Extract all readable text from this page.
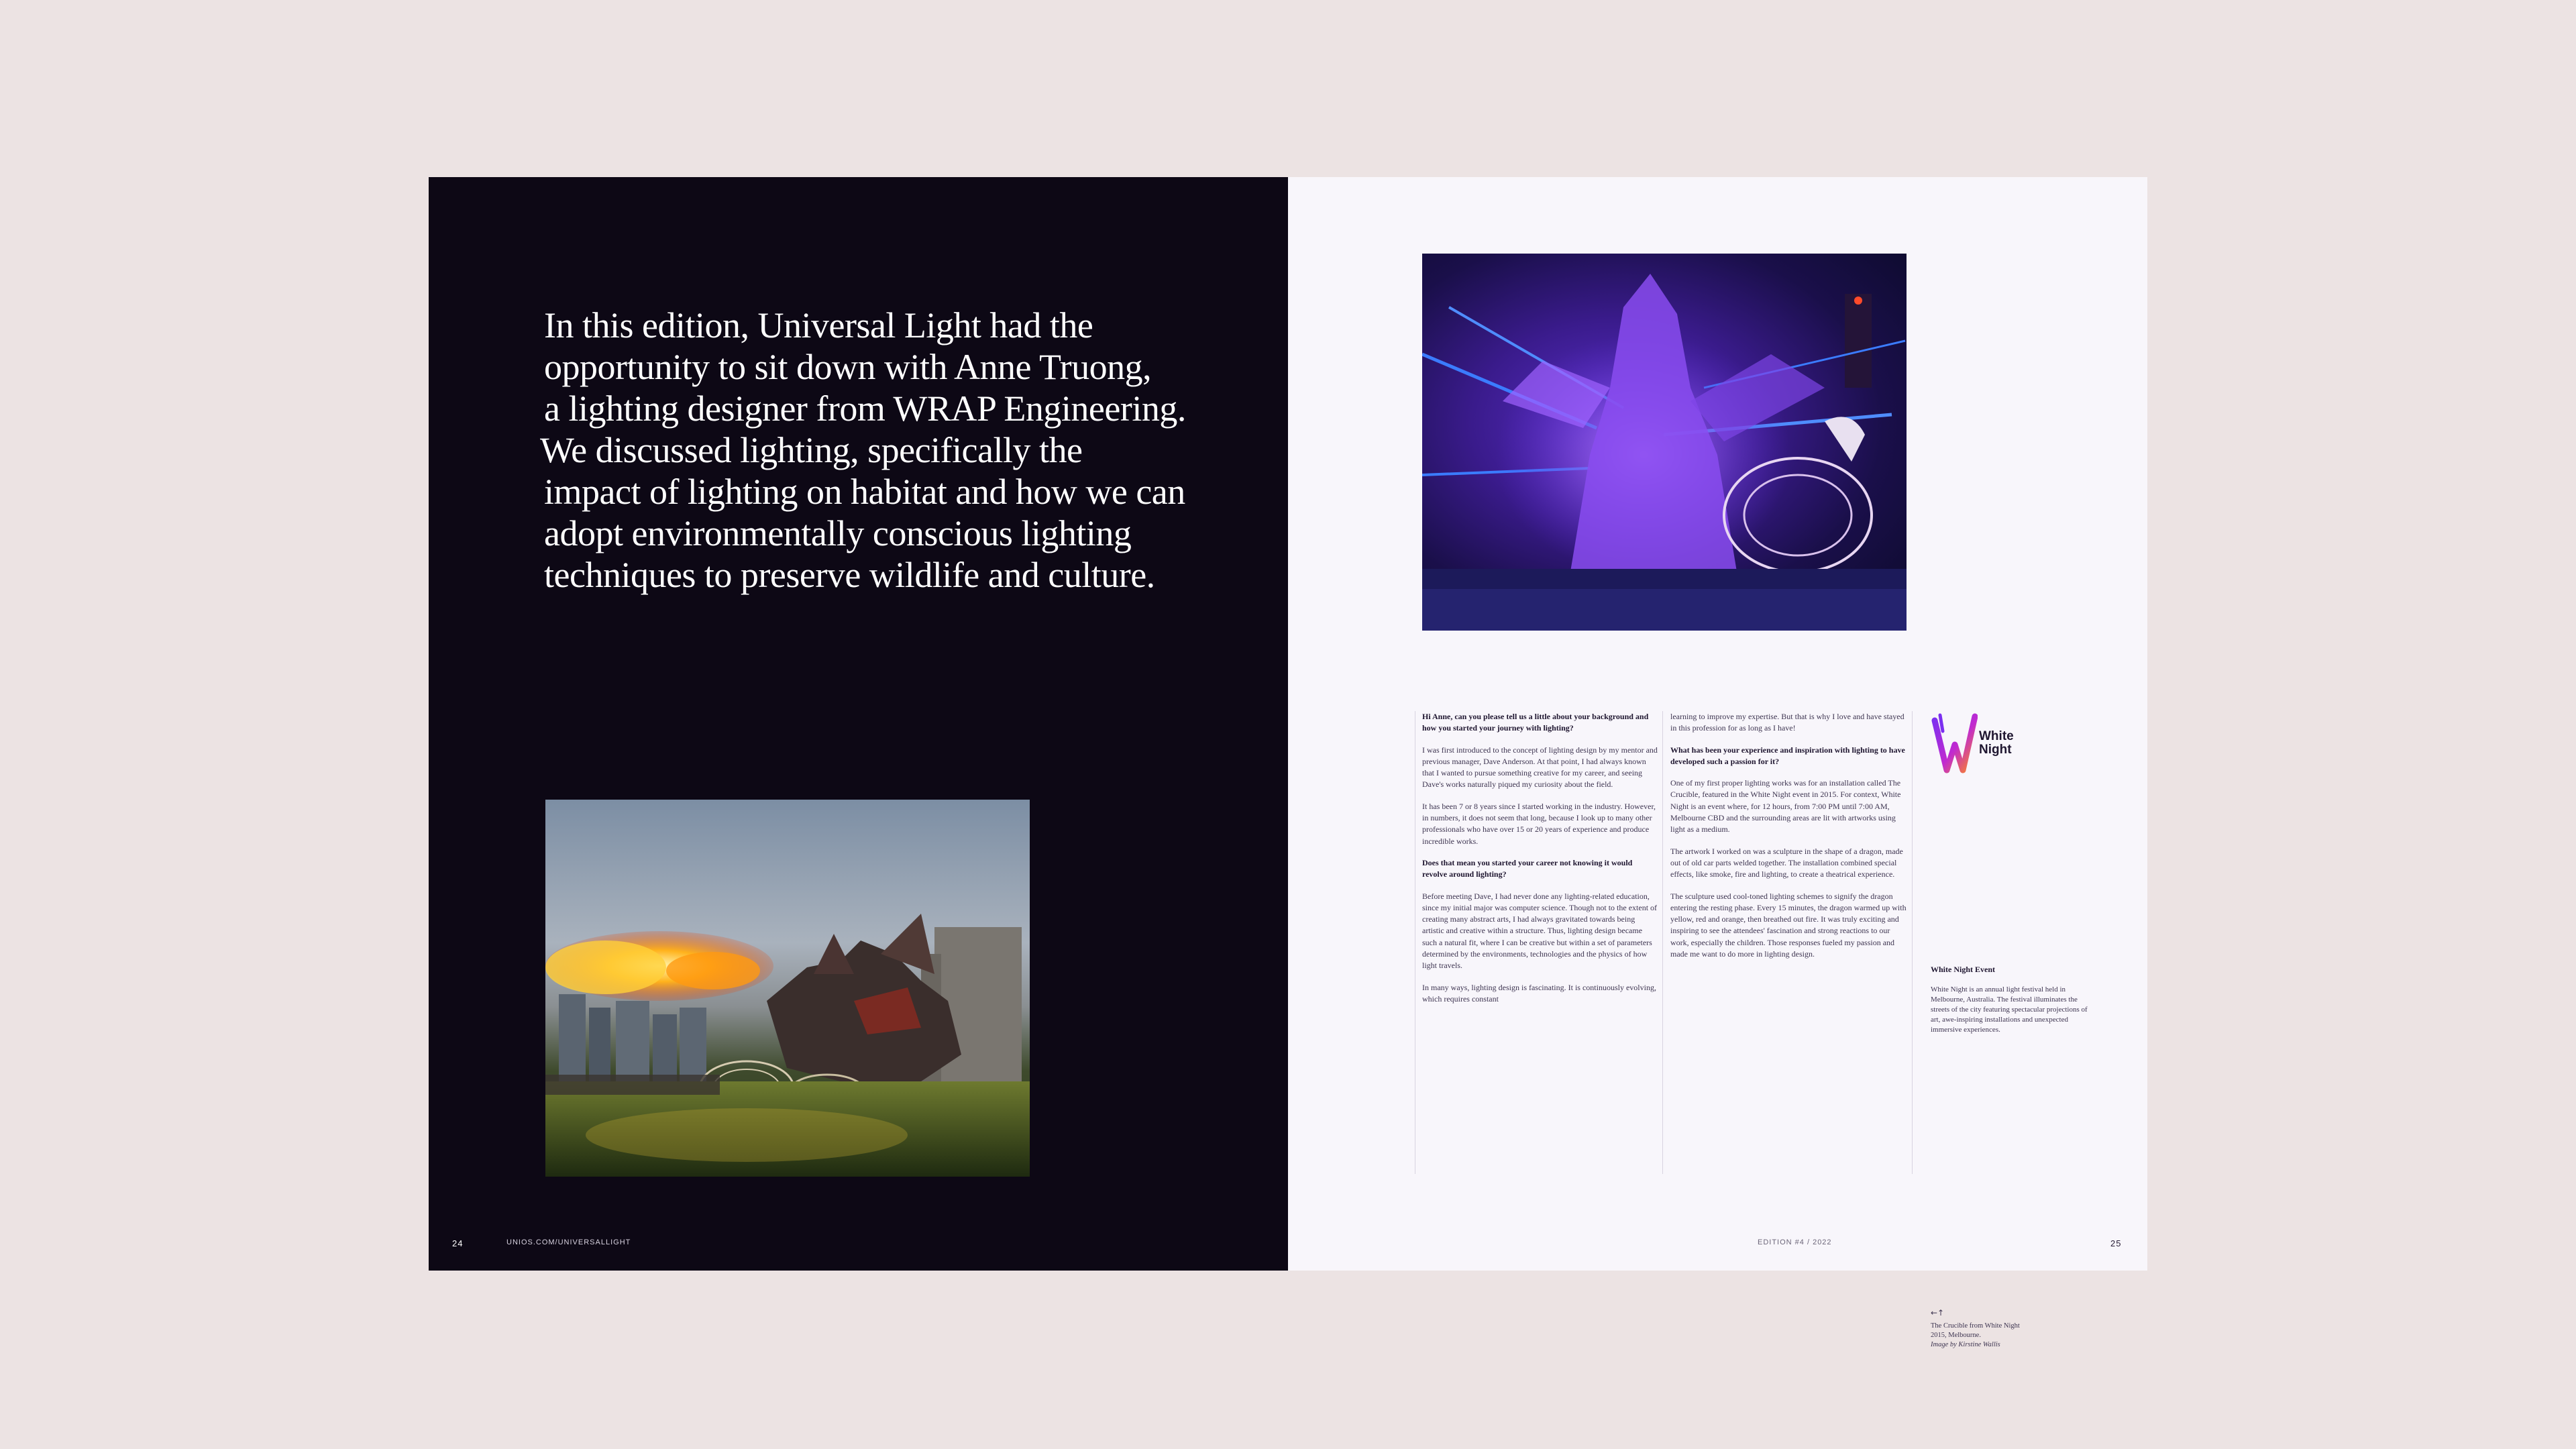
In this edition, Universal Light had the

opportunity to sit down with Anne Truong,

a lighting designer from WRAP Engineering.

We discussed lighting, specifically the

impact of lighting on habitat and how we can

adopt environmentally conscious lighting

techniques to preserve wildlife and culture.

24	UNIOS.COM/UNIVERSALLIGHT

Hi Anne, can you please tell us a little about your background and how you started your journey with lighting?

I was first introduced to the concept of lighting design by my mentor and previous manager, Dave Anderson. At that point, I had always known that I wanted to pursue something creative for my career, and seeing Dave's works naturally piqued my curiosity about the field.

It has been 7 or 8 years since I started working in the industry. However, in numbers, it does not seem that long, because I look up to many other professionals who have over 15 or 20 years of experience and produce incredible works.

Does that mean you started your career not knowing it would revolve around lighting?

Before meeting Dave, I had never done any lighting-related education, since my initial major was computer science. Though not to the extent of creating many abstract arts, I had always gravitated towards being artistic and creative within a structure. Thus, lighting design became such a natural fit, where I can be creative but within a set of parameters determined by the environments, technologies and the physics of how light travels.

In many ways, lighting design is fascinating. It is continuously evolving, which requires constant

learning to improve my expertise. But that is why I love and have stayed in this profession for as long as I have!

What has been your experience and inspiration with lighting to have developed such a passion for it?

One of my first proper lighting works was for an installation called The Crucible, featured in the White Night event in 2015. For context, White Night is an event where, for 12 hours, from 7:00 PM until 7:00 AM, Melbourne CBD and the surrounding areas are lit with artworks using light as a medium.

The artwork I worked on was a sculpture in the shape of a dragon, made out of old car parts welded together. The installation combined special effects, like smoke, fire and lighting, to create a theatrical experience.

The sculpture used cool-toned lighting schemes to signify the dragon entering the resting phase. Every 15 minutes, the dragon warmed up with yellow, red and orange, then breathed out fire. It was truly exciting and inspiring to see the attendees' fascination and strong reactions to our work, especially the children. Those responses fueled my passion and made me want to do more in lighting design.

White
Night
White Night Event
White Night is an annual light festival held in Melbourne, Australia. The festival illuminates the streets of the city featuring spectacular projections of art, awe-inspiring installations and unexpected immersive experiences.
←↑
The Crucible from White Night
2015, Melbourne.
Image by Kirstine Wallis
EDITION #4 / 2022	25
